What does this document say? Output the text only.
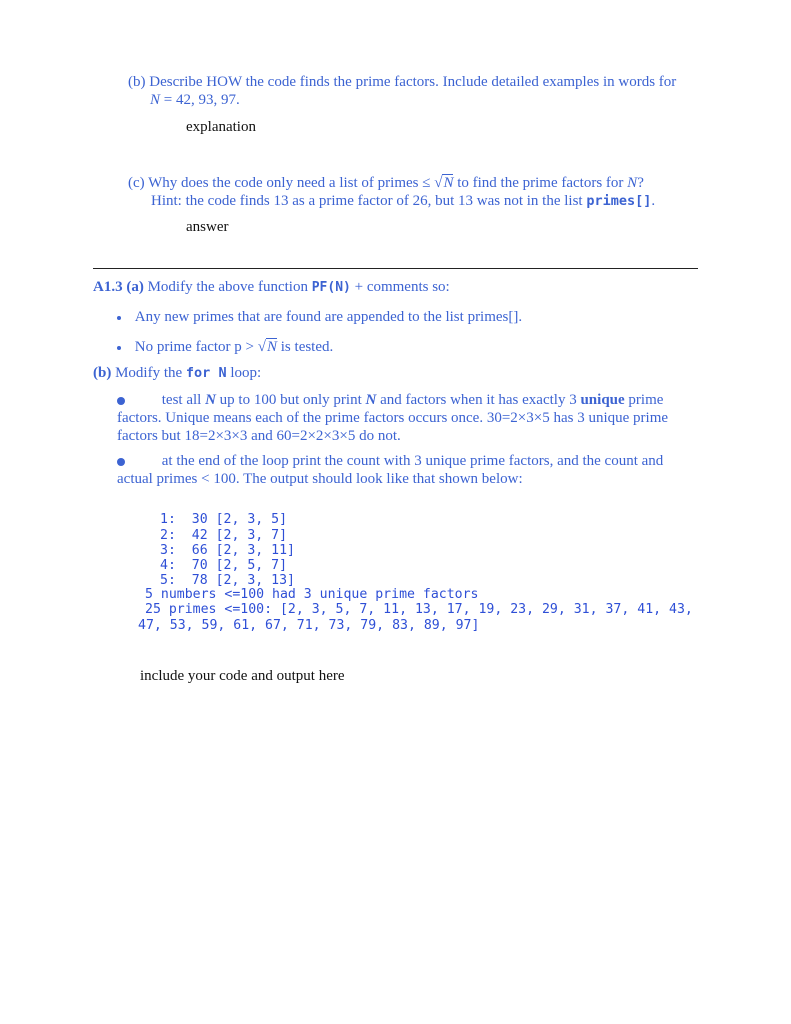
(b) Describe HOW the code finds the prime factors. Include detailed examples in words for
N = 42, 93, 97.
explanation
(c) Why does the code only need a list of primes ≤ √N to find the prime factors for N?
Hint: the code finds 13 as a prime factor of 26, but 13 was not in the list primes[].
answer
A1.3 (a) Modify the above function PF(N) + comments so:
Any new primes that are found are appended to the list primes[].
No prime factor p > √N is tested.
(b) Modify the for N loop:
test all N up to 100 but only print N and factors when it has exactly 3 unique prime
factors. Unique means each of the prime factors occurs once. 30=2×3×5 has 3 unique prime
factors but 18=2×3×3 and 60=2×2×3×5 do not.
at the end of the loop print the count with 3 unique prime factors, and the count and
actual primes < 100. The output should look like that shown below:
1:  30 [2, 3, 5]
2:  42 [2, 3, 7]
3:  66 [2, 3, 11]
4:  70 [2, 5, 7]
5:  78 [2, 3, 13]
5 numbers <=100 had 3 unique prime factors
25 primes <=100: [2, 3, 5, 7, 11, 13, 17, 19, 23, 29, 31, 37, 41, 43,
47, 53, 59, 61, 67, 71, 73, 79, 83, 89, 97]
include your code and output here
